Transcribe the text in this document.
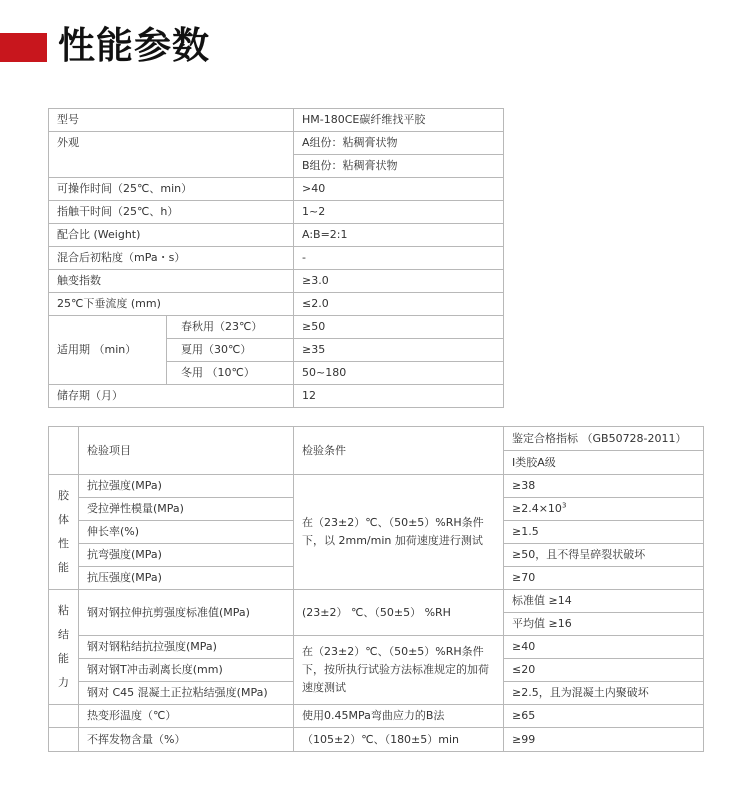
性能参数
型号		HM-180CE碳纤维找平胶
外观		A组份：粘稠膏状物
		B组份：粘稠膏状物
可操作时间（25℃、min）		>40
指触干时间（25℃、h）		1~2
配合比 (Weight)		A:B=2:1
混合后初粘度（mPa・s）		-
触变指数		≥3.0
25℃下垂流度 (mm)		≤2.0
适用期 （min）	春秋用（23℃）	≥50
	夏用（30℃）	≥35
	冬用 （10℃）	50~180
储存期（月）		12
	检验项目	检验条件	鉴定合格指标 （GB50728-2011）
			Ⅰ类胶A级
胶体性能	抗拉强度(MPa)	在（23±2）℃、（50±5）%RH条件下，以 2mm/min 加荷速度进行测试	≥38
	受拉弹性模量(MPa)		$\ge 2.4\times 10^3$
	伸长率(%)		≥1.5
	抗弯强度(MPa)		≥50，且不得呈碎裂状破坏
	抗压强度(MPa)		≥70
粘结能力	钢对钢拉伸抗剪强度标准值(MPa)	(23±2） ℃、（50±5） %RH	标准值 ≥14
			平均值 ≥16
	钢对钢粘结抗拉强度(MPa)	在（23±2）℃、（50±5）%RH条件下，按所执行试验方法标准规定的加荷速度测试	≥40
	钢对钢T冲击剥离长度(mm)		≤20
	钢对 C45 混凝土正拉粘结强度(MPa)		≥2.5，且为混凝土内聚破坏
	热变形温度（℃）	使用0.45MPa弯曲应力的B法	≥65
	不挥发物含量（%）	（105±2）℃、（180±5）min	≥99
